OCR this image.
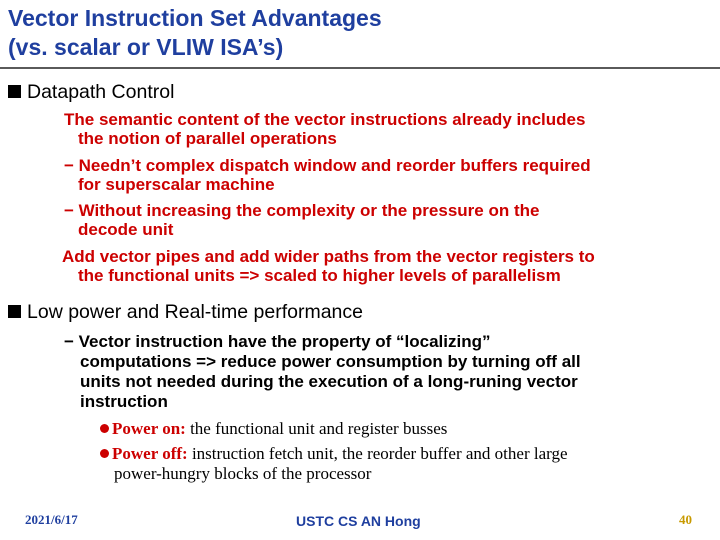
Vector Instruction Set Advantages
(vs. scalar or VLIW ISA’s)
Datapath Control
The semantic content of the vector instructions already includes
the notion of parallel operations
− Needn’t complex dispatch window and reorder buffers required
for superscalar machine
− Without increasing the complexity or the pressure on the
decode unit
Add vector pipes and add wider paths from the vector registers to
the functional units => scaled to higher levels of parallelism
Low power and Real-time performance
− Vector instruction have the property of “localizing”
computations => reduce power consumption by turning off all
units not needed during the execution of a long-runing vector
instruction
Power on: the functional unit and register busses
Power off: instruction fetch unit, the reorder buffer and other large
power-hungry blocks of the processor
2021/6/17	USTC CS AN Hong	40
